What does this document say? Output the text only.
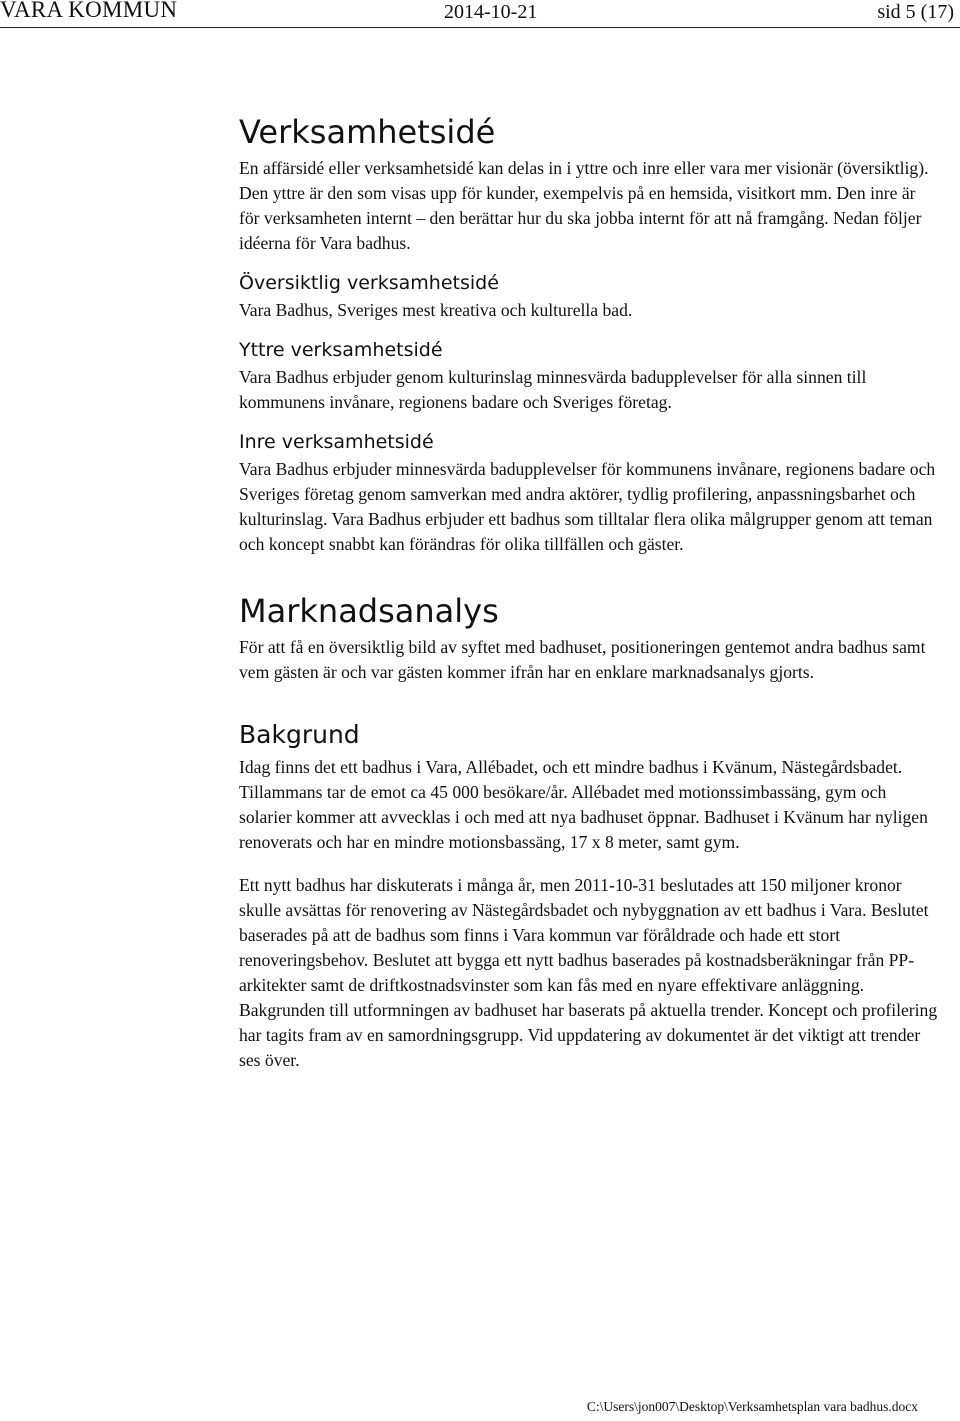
VARA KOMMUN	2014-10-21	sid 5 (17)
Verksamhetsidé

En affärsidé eller verksamhetsidé kan delas in i yttre och inre eller vara mer visionär (översiktlig). Den yttre är den som visas upp för kunder, exempelvis på en hemsida, visitkort mm. Den inre är för verksamheten internt – den berättar hur du ska jobba internt för att nå framgång. Nedan följer idéerna för Vara badhus.

Översiktlig verksamhetsidé

Vara Badhus, Sveriges mest kreativa och kulturella bad.

Yttre verksamhetsidé

Vara Badhus erbjuder genom kulturinslag minnesvärda badupplevelser för alla sinnen till kommunens invånare, regionens badare och Sveriges företag.

Inre verksamhetsidé

Vara Badhus erbjuder minnesvärda badupplevelser för kommunens invånare, regionens badare och Sveriges företag genom samverkan med andra aktörer, tydlig profilering, anpassningsbarhet och kulturinslag. Vara Badhus erbjuder ett badhus som tilltalar flera olika målgrupper genom att teman och koncept snabbt kan förändras för olika tillfällen och gäster.

Marknadsanalys

För att få en översiktlig bild av syftet med badhuset, positioneringen gentemot andra badhus samt vem gästen är och var gästen kommer ifrån har en enklare marknadsanalys gjorts.

Bakgrund

Idag finns det ett badhus i Vara, Allébadet, och ett mindre badhus i Kvänum, Nästegårdsbadet. Tillammans tar de emot ca 45 000 besökare/år. Allébadet med motionssimbassäng, gym och solarier kommer att avvecklas i och med att nya badhuset öppnar. Badhuset i Kvänum har nyligen renoverats och har en mindre motionsbassäng, 17 x 8 meter, samt gym.

Ett nytt badhus har diskuterats i många år, men 2011-10-31 beslutades att 150 miljoner kronor skulle avsättas för renovering av Nästegårdsbadet och nybyggnation av ett badhus i Vara. Beslutet baserades på att de badhus som finns i Vara kommun var föråldrade och hade ett stort renoveringsbehov. Beslutet att bygga ett nytt badhus baserades på kostnadsberäkningar från PP-arkitekter samt de driftkostnadsvinster som kan fås med en nyare effektivare anläggning. Bakgrunden till utformningen av badhuset har baserats på aktuella trender. Koncept och profilering har tagits fram av en samordningsgrupp. Vid uppdatering av dokumentet är det viktigt att trender ses över.

C:\Users\jon007\Desktop\Verksamhetsplan vara badhus.docx
